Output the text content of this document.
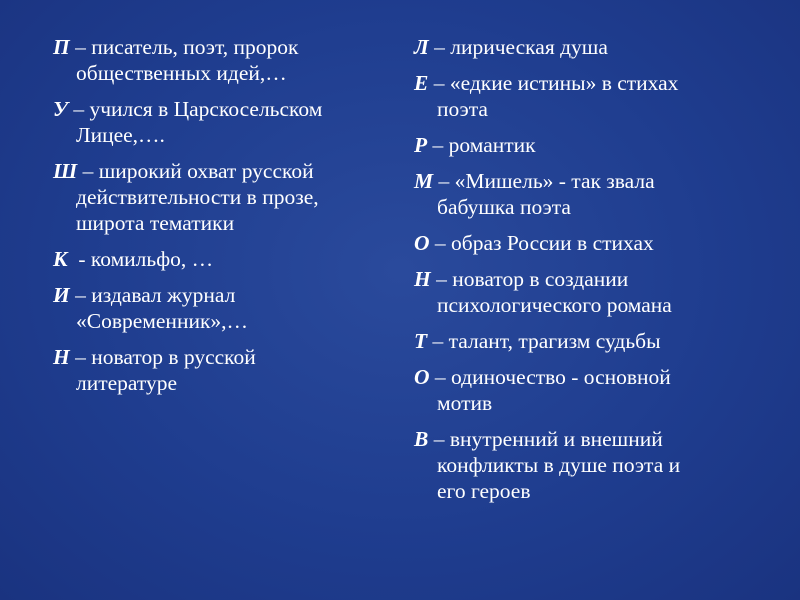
П – писатель, поэт, пророк
общественных идей,…

У – учился в Царскосельском
Лицее,….

Ш – широкий охват русской
действительности в прозе,
широта тематики

К  - комильфо, …

И – издавал журнал
«Современник»,…

Н – новатор в русской
литературе

Л – лирическая душа

Е – «едкие истины» в стихах
поэта

Р – романтик

М – «Мишель» - так звала
бабушка поэта

О – образ России в стихах

Н – новатор в создании
психологического романа

Т – талант, трагизм судьбы

О – одиночество - основной
мотив

В – внутренний и внешний
конфликты в душе поэта и
его героев
